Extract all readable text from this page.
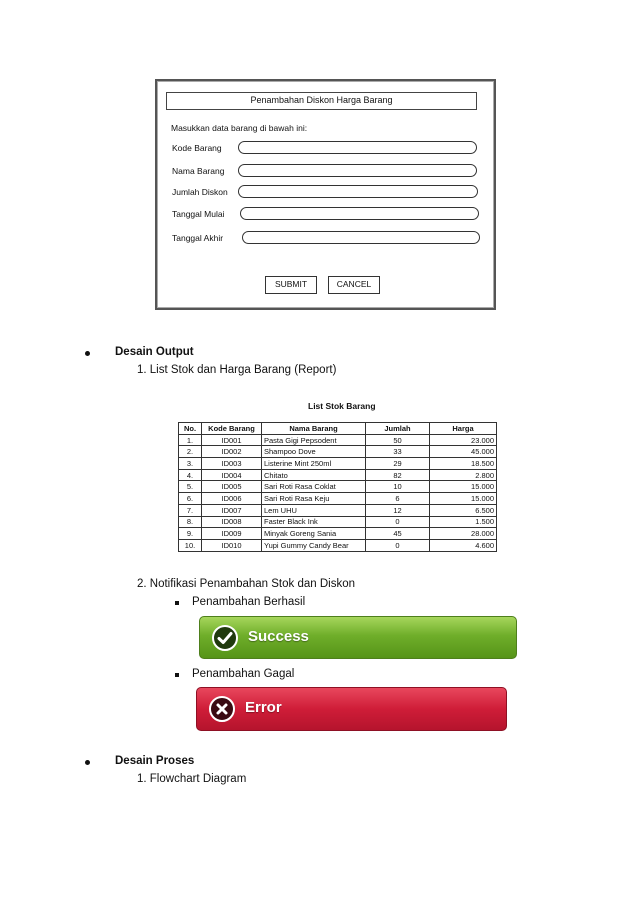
Penambahan Diskon Harga Barang
Masukkan data barang di bawah ini:
Kode Barang
Nama Barang
Jumlah Diskon
Tanggal Mulai
Tanggal Akhir
SUBMIT	CANCEL
Desain Output
1. List Stok dan Harga Barang (Report)
List Stok Barang
No.	Kode Barang	Nama Barang	Jumlah	Harga
1.	ID001	Pasta Gigi Pepsodent	50	23.000
2.	ID002	Shampoo Dove	33	45.000
3.	ID003	Listerine Mint 250ml	29	18.500
4.	ID004	Chitato	82	2.800
5.	ID005	Sari Roti Rasa Coklat	10	15.000
6.	ID006	Sari Roti Rasa Keju	6	15.000
7.	ID007	Lem UHU	12	6.500
8.	ID008	Faster Black Ink	0	1.500
9.	ID009	Minyak Goreng Sania	45	28.000
10.	ID010	Yupi Gummy Candy Bear	0	4.600
2. Notifikasi Penambahan Stok dan Diskon
Penambahan Berhasil
Success
Penambahan Gagal
Error
Desain Proses
1. Flowchart Diagram
